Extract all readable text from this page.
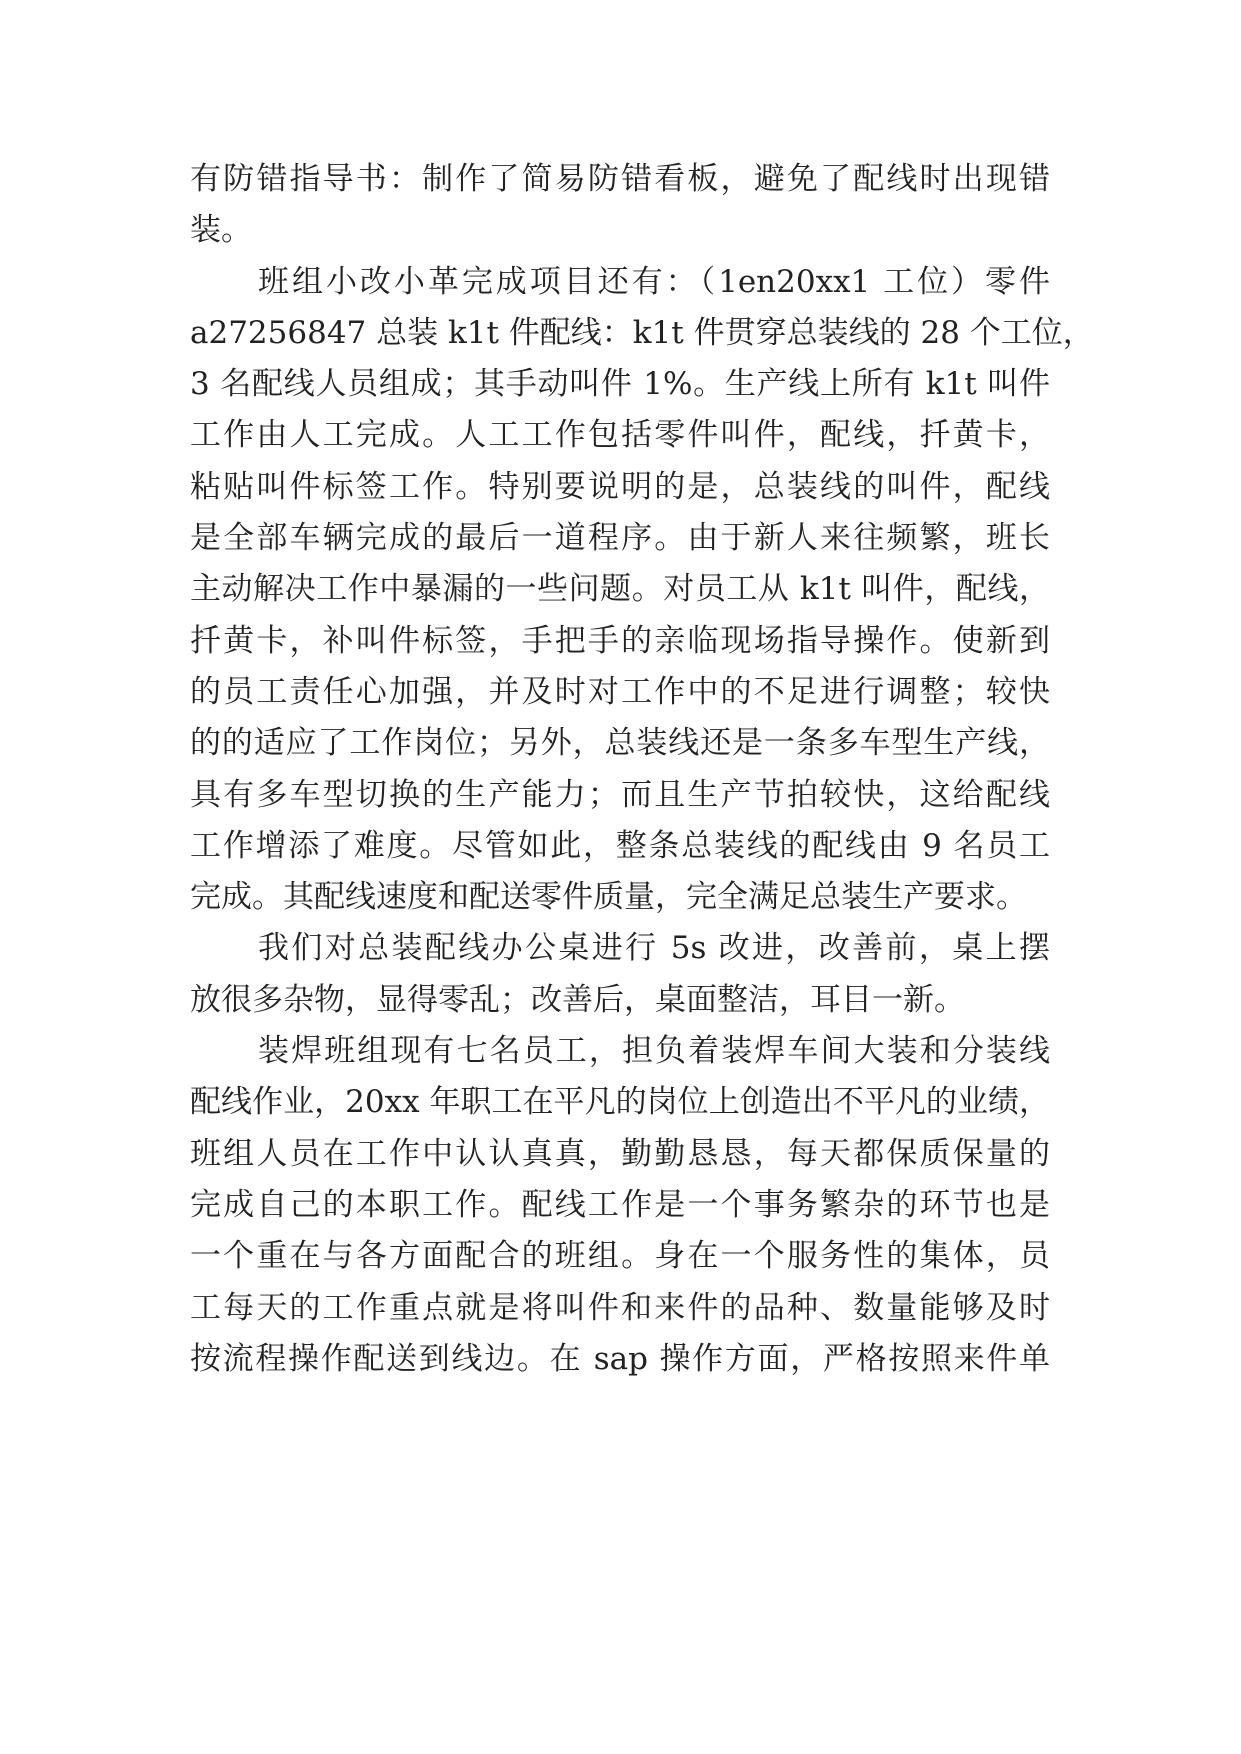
有防错指导书：制作了简易防错看板，避免了配线时出现错
装。
班组小改小革完成项目还有：（1en20xx1 工位）零件
a27256847 总装 k1t 件配线：k1t 件贯穿总装线的 28 个工位，
3 名配线人员组成；其手动叫件 1%。生产线上所有 k1t 叫件
工作由人工完成。人工工作包括零件叫件，配线，扦黄卡，
粘贴叫件标签工作。特别要说明的是，总装线的叫件，配线
是全部车辆完成的最后一道程序。由于新人来往频繁，班长
主动解决工作中暴漏的一些问题。对员工从 k1t 叫件，配线，
扦黄卡，补叫件标签，手把手的亲临现场指导操作。使新到
的员工责任心加强，并及时对工作中的不足进行调整；较快
的的适应了工作岗位；另外，总装线还是一条多车型生产线，
具有多车型切换的生产能力；而且生产节拍较快，这给配线
工作增添了难度。尽管如此，整条总装线的配线由 9 名员工
完成。其配线速度和配送零件质量，完全满足总装生产要求。
我们对总装配线办公桌进行 5s 改进，改善前，桌上摆
放很多杂物，显得零乱；改善后，桌面整洁，耳目一新。
装焊班组现有七名员工，担负着装焊车间大装和分装线
配线作业，20xx 年职工在平凡的岗位上创造出不平凡的业绩，
班组人员在工作中认认真真，勤勤恳恳，每天都保质保量的
完成自己的本职工作。配线工作是一个事务繁杂的环节也是
一个重在与各方面配合的班组。身在一个服务性的集体，员
工每天的工作重点就是将叫件和来件的品种、数量能够及时
按流程操作配送到线边。在 sap 操作方面，严格按照来件单
